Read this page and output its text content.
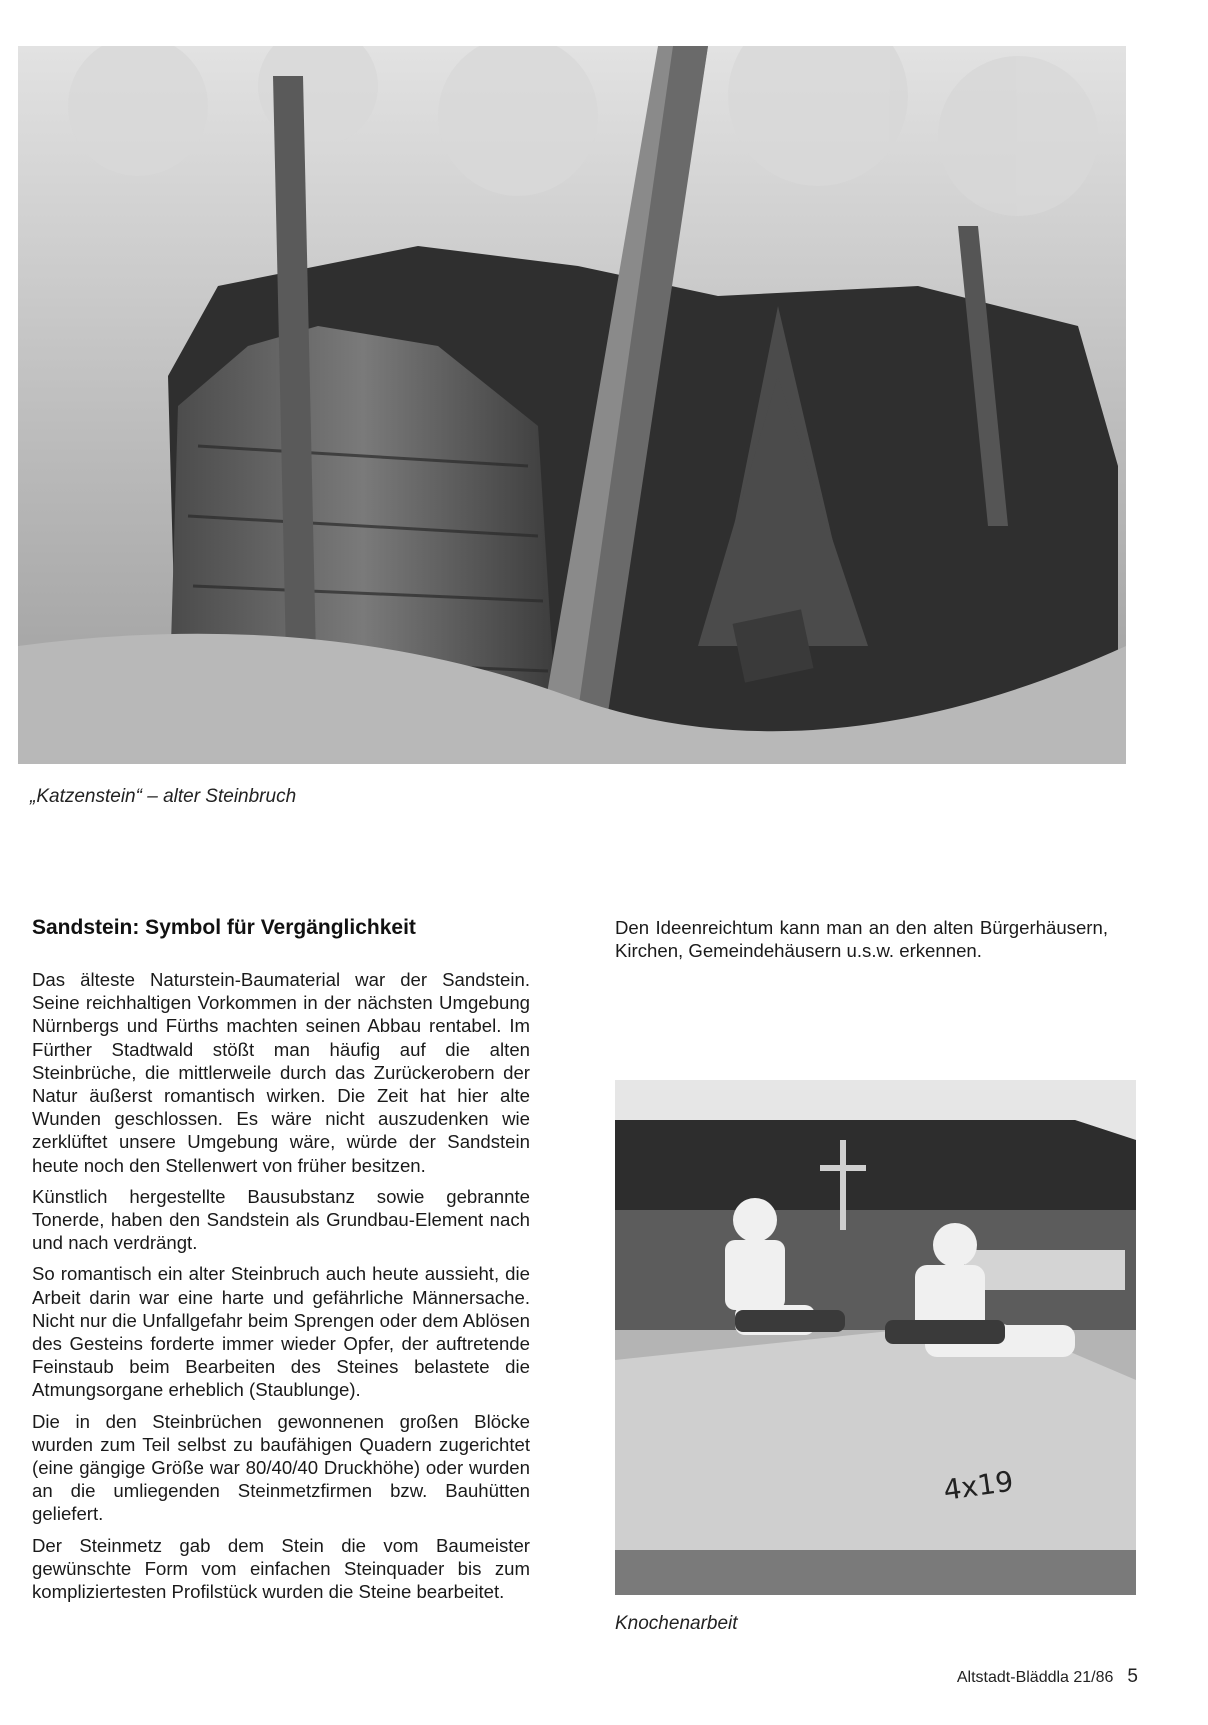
„Katzenstein“ – alter Steinbruch
Sandstein: Symbol für Vergänglichkeit

Das älteste Naturstein-Baumaterial war der Sandstein. Seine reichhaltigen Vorkommen in der nächsten Umgebung Nürnbergs und Fürths machten seinen Abbau rentabel. Im Fürther Stadtwald stößt man häufig auf die alten Steinbrüche, die mittlerweile durch das Zurückerobern der Natur äußerst romantisch wirken. Die Zeit hat hier alte Wunden geschlossen. Es wäre nicht auszudenken wie zerklüftet unsere Umgebung wäre, würde der Sandstein heute noch den Stellenwert von früher besitzen.

Künstlich hergestellte Bausubstanz sowie gebrannte Tonerde, haben den Sandstein als Grundbau-Element nach und nach verdrängt.

So romantisch ein alter Steinbruch auch heute aussieht, die Arbeit darin war eine harte und gefährliche Männersache. Nicht nur die Unfallgefahr beim Sprengen oder dem Ablösen des Gesteins forderte immer wieder Opfer, der auftretende Feinstaub beim Bearbeiten des Steines belastete die Atmungsorgane erheblich (Staublunge).

Die in den Steinbrüchen gewonnenen großen Blöcke wurden zum Teil selbst zu baufähigen Quadern zugerichtet (eine gängige Größe war 80/40/40 Druckhöhe) oder wurden an die umliegenden Steinmetzfirmen bzw. Bauhütten geliefert.

Der Steinmetz gab dem Stein die vom Baumeister gewünschte Form vom einfachen Steinquader bis zum kompliziertesten Profilstück wurden die Steine bearbeitet.

Den Ideenreichtum kann man an den alten Bürgerhäusern, Kirchen, Gemeindehäusern u.s.w. erkennen.

4x19
Knochenarbeit
Altstadt-Bläddla 21/86 5
